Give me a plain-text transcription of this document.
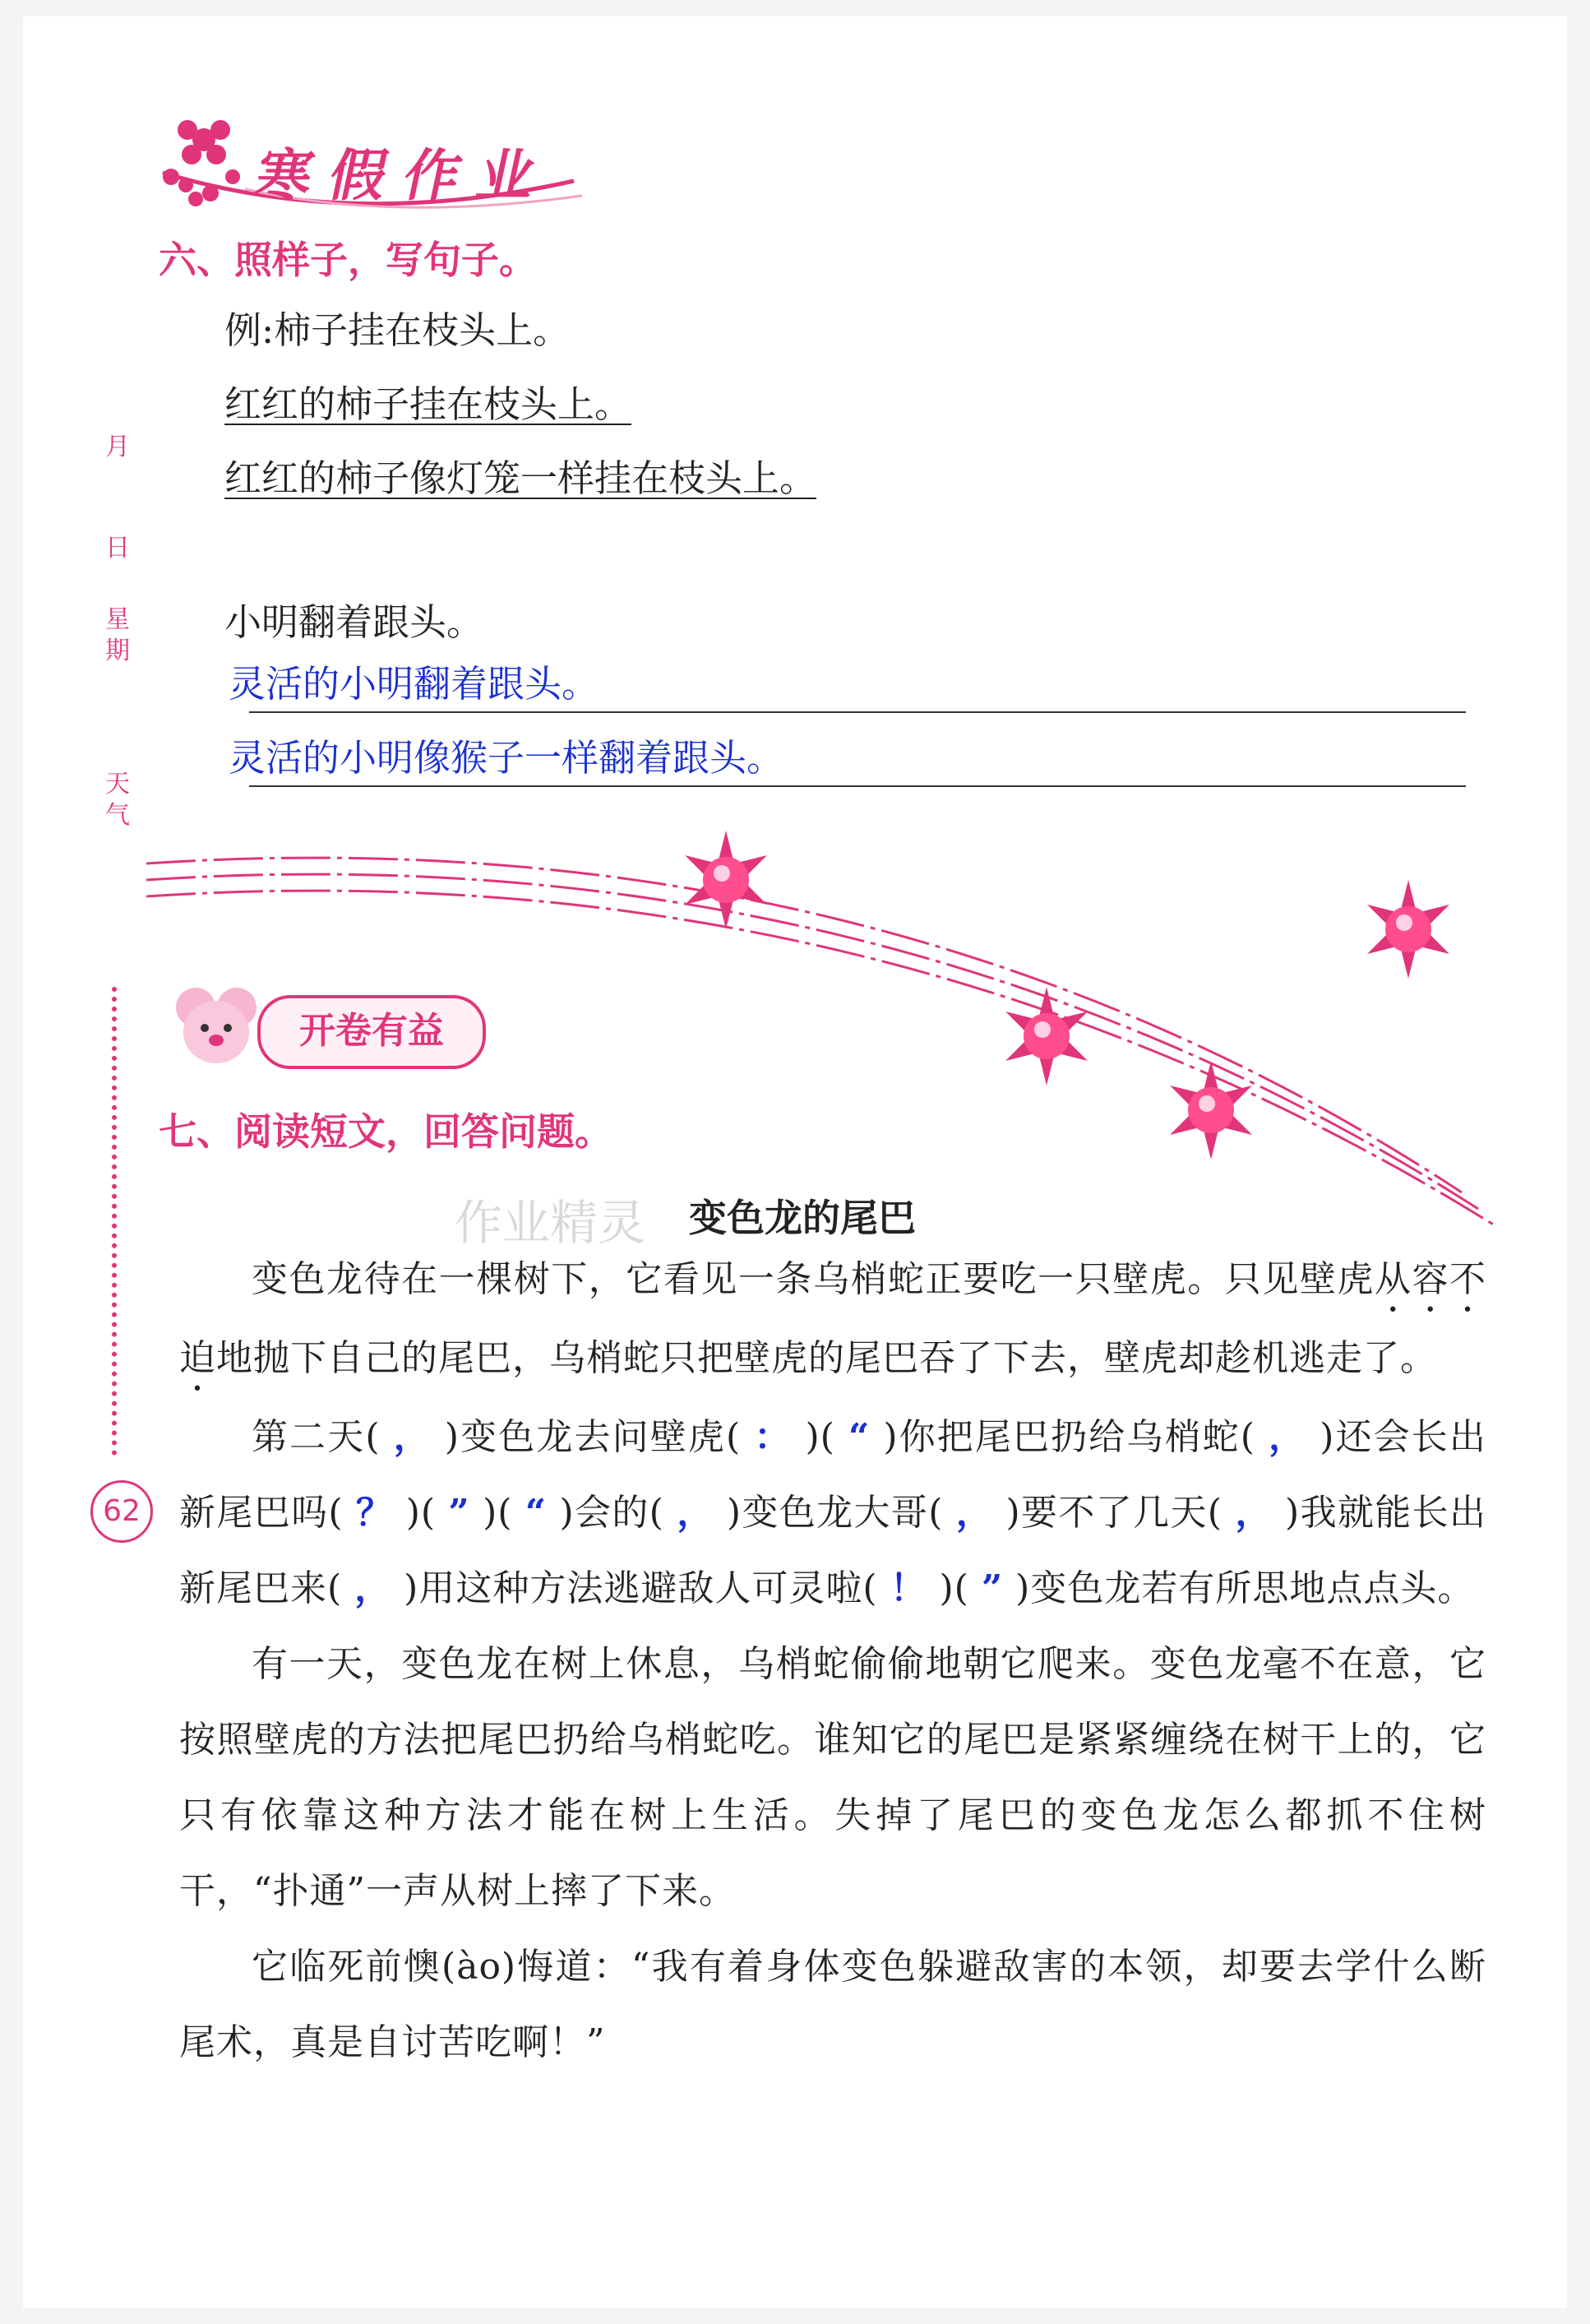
寒假作业
月
日
星期
天气
六、照样子，写句子。
例:柿子挂在枝头上。
红红的柿子挂在枝头上。
红红的柿子像灯笼一样挂在枝头上。
小明翻着跟头。
灵活的小明翻着跟头。
灵活的小明像猴子一样翻着跟头。
62
开卷有益
七、阅读短文，回答问题。
作业精灵 变色龙的尾巴

变色龙待在一棵树下，它看见一条乌梢蛇正要吃一只壁虎。只见壁虎从容不迫地抛下自己的尾巴，乌梢蛇只把壁虎的尾巴吞了下去，壁虎却趁机逃走了。

第二天( ， )变色龙去问壁虎( ： )( “ )你把尾巴扔给乌梢蛇( ， )还会长出新尾巴吗( ？ )( ” )( “ )会的( ， )变色龙大哥( ， )要不了几天( ， )我就能长出新尾巴来( ， )用这种方法逃避敌人可灵啦( ！ )( ” )变色龙若有所思地点点头。

有一天，变色龙在树上休息，乌梢蛇偷偷地朝它爬来。变色龙毫不在意，它按照壁虎的方法把尾巴扔给乌梢蛇吃。谁知它的尾巴是紧紧缠绕在树干上的，它只有依靠这种方法才能在树上生活。失掉了尾巴的变色龙怎么都抓不住树干，“扑通”一声从树上摔了下来。

它临死前懊(ào)悔道：“我有着身体变色躲避敌害的本领，却要去学什么断尾术，真是自讨苦吃啊！”
